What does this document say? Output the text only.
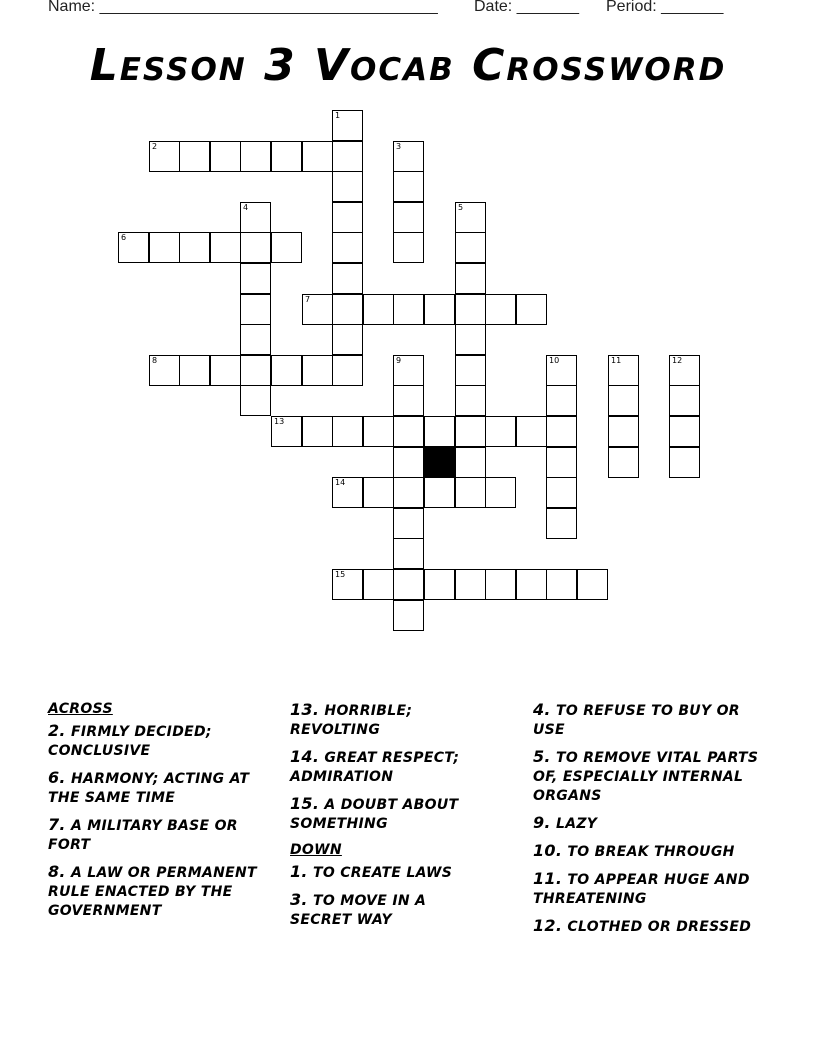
Name: ______________________________________ Date: _______ Period: _______
Lesson 3 Vocab Crossword
1
2	3
4	5
6
7
8	9	10	11	12
13
14
15
ACROSS
2. FIRMLY DECIDED; CONCLUSIVE
6. HARMONY; ACTING AT THE SAME TIME
7. A MILITARY BASE OR FORT
8. A LAW OR PERMANENT RULE ENACTED BY THE GOVERNMENT
13. HORRIBLE; REVOLTING
14. GREAT RESPECT; ADMIRATION
15. A DOUBT ABOUT SOMETHING
DOWN
1. TO CREATE LAWS
3. TO MOVE IN A SECRET WAY
4. TO REFUSE TO BUY OR USE
5. TO REMOVE VITAL PARTS OF, ESPECIALLY INTERNAL ORGANS
9. LAZY
10. TO BREAK THROUGH
11. TO APPEAR HUGE AND THREATENING
12. CLOTHED OR DRESSED
